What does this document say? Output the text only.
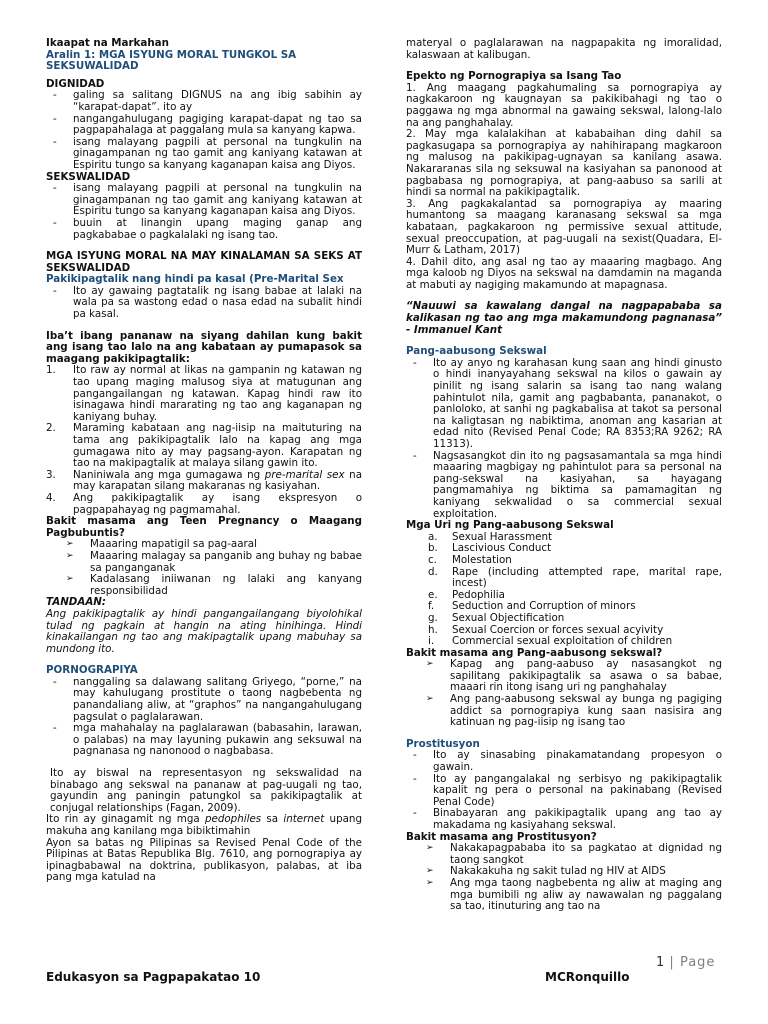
Ikaapat na Markahan

Aralin 1: MGA ISYUNG MORAL TUNGKOL SA SEKSUWALIDAD

DIGNIDAD

- galing sa salitang DIGNUS na ang ibig sabihin ay “karapat-dapat”. ito ay
- nangangahulugang pagiging karapat-dapat ng tao sa pagpapahalaga at paggalang mula sa kanyang kapwa.
- isang malayang pagpili at personal na tungkulin na ginagampanan ng tao gamit ang kaniyang katawan at Espiritu tungo sa kanyang kaganapan kaisa ang Diyos.

SEKSWALIDAD

- isang malayang pagpili at personal na tungkulin na ginagampanan ng tao gamit ang kaniyang katawan at Espiritu tungo sa kanyang kaganapan kaisa ang Diyos.
- buuin at linangin upang maging ganap ang pagkababae o pagkalalaki ng isang tao.

MGA ISYUNG MORAL NA MAY KINALAMAN SA SEKS AT SEKSWALIDAD

Pakikipagtalik nang hindi pa kasal (Pre-Marital Sex

- Ito ay gawaing pagtatalik ng isang babae at lalaki na wala pa sa wastong edad o nasa edad na subalit hindi pa kasal.

Iba’t ibang pananaw na siyang dahilan kung bakit ang isang tao lalo na ang kabataan ay pumapasok sa maagang pakikipagtalik:

1. Ito raw ay normal at likas na gampanin ng katawan ng tao upang maging malusog siya at matugunan ang pangangailangan ng katawan. Kapag hindi raw ito isinagawa hindi mararating ng tao ang kaganapan ng kaniyang buhay.
2. Maraming kabataan ang nag-iisip na maituturing na tama ang pakikipagtalik lalo na kapag ang mga gumagawa nito ay may pagsang-ayon. Karapatan ng tao na makipagtalik at malaya silang gawin ito.
3. Naniniwala ang mga gumagawa ng pre-marital sex na may karapatan silang makaranas ng kasiyahan.
4. Ang pakikipagtalik ay isang ekspresyon o pagpapahayag ng pagmamahal.

Bakit masama ang Teen Pregnancy o Maagang Pagbubuntis?

➢ Maaaring mapatigil sa pag-aaral
➢ Maaaring malagay sa panganib ang buhay ng babae sa panganganak
➢ Kadalasang iniiwanan ng lalaki ang kanyang responsibilidad

TANDAAN:

Ang pakikipagtalik ay hindi pangangailangang biyolohikal tulad ng pagkain at hangin na ating hinihinga. Hindi kinakailangan ng tao ang makipagtalik upang mabuhay sa mundong ito.

PORNOGRAPIYA

- nanggaling sa dalawang salitang Griyego, “porne,” na may kahulugang prostitute o taong nagbebenta ng panandaliang aliw, at “graphos” na nangangahulugang pagsulat o paglalarawan.
- mga mahahalay na paglalarawan (babasahin, larawan, o palabas) na may layuning pukawin ang seksuwal na pagnanasa ng nanonood o nagbabasa.

Ito ay biswal na representasyon ng sekswalidad na binabago ang sekswal na pananaw at pag-uugali ng tao, gayundin ang paningin patungkol sa pakikipagtalik at conjugal relationships (Fagan, 2009).

Ito rin ay ginagamit ng mga pedophiles sa internet upang makuha ang kanilang mga bibiktimahin

Ayon sa batas ng Pilipinas sa Revised Penal Code of the Pilipinas at Batas Republika Blg. 7610, ang pornograpiya ay ipinagbabawal na doktrina, publikasyon, palabas, at iba pang mga katulad na

materyal o paglalarawan na nagpapakita ng imoralidad, kalaswaan at kalibugan.

Epekto ng Pornograpiya sa Isang Tao

1. Ang maagang pagkahumaling sa pornograpiya ay nagkakaroon ng kaugnayan sa pakikibahagi ng tao o paggawa ng mga abnormal na gawaing sekswal, lalong-lalo na ang panghahalay.
2. May mga kalalakihan at kababaihan ding dahil sa pagkasugapa sa pornograpiya ay nahihirapang magkaroon ng malusog na pakikipag-ugnayan sa kanilang asawa. Nakararanas sila ng seksuwal na kasiyahan sa panonood at pagbabasa ng pornograpiya, at pang-aabuso sa sarili at hindi sa normal na pakikipagtalik.
3. Ang pagkakalantad sa pornograpiya ay maaring humantong sa maagang karanasang sekswal sa mga kabataan, pagkakaroon ng permissive sexual attitude, sexual preoccupation, at pag-uugali na sexist(Quadara, El-Murr & Latham, 2017)
4. Dahil dito, ang asal ng tao ay maaaring magbago. Ang mga kaloob ng Diyos na sekswal na damdamin na maganda at mabuti ay nagiging makamundo at mapagnasa.

“Nauuwi sa kawalang dangal na nagpapababa sa kalikasan ng tao ang mga makamundong pagnanasa” - Immanuel Kant

Pang-aabusong Sekswal

- Ito ay anyo ng karahasan kung saan ang hindi ginusto o hindi inanyayahang sekswal na kilos o gawain ay pinilit ng isang salarin sa isang tao nang walang pahintulot nila, gamit ang pagbabanta, pananakot, o panloloko, at sanhi ng pagkabalisa at takot sa personal na kaligtasan ng nabiktima, anoman ang kasarian at edad nito (Revised Penal Code; RA 8353;RA 9262; RA 11313).
- Nagsasangkot din ito ng pagsasamantala sa mga hindi maaaring magbigay ng pahintulot para sa personal na pang-sekswal na kasiyahan, sa hayagang pangmamahiya ng biktima sa pamamagitan ng kaniyang sekwalidad o sa commercial sexual exploitation.

Mga Uri ng Pang-aabusong Sekswal

a. Sexual Harassment
b. Lascivious Conduct
c. Molestation
d. Rape (including attempted rape, marital rape, incest)
e. Pedophilia
f. Seduction and Corruption of minors
g. Sexual Objectification
h. Sexual Coercion or forces sexual acyivity
i. Commercial sexual exploitation of children

Bakit masama ang Pang-aabusong sekswal?

➢ Kapag ang pang-aabuso ay nasasangkot ng sapilitang pakikipagtalik sa asawa o sa babae, maaari rin itong isang uri ng panghahalay
➢ Ang pang-aabusong sekswal ay bunga ng pagiging addict sa pornograpiya kung saan nasisira ang katinuan ng pag-iisip ng isang tao

Prostitusyon

- Ito ay sinasabing pinakamatandang propesyon o gawain.
- Ito ay pangangalakal ng serbisyo ng pakikipagtalik kapalit ng pera o personal na pakinabang (Revised Penal Code)
- Binabayaran ang pakikipagtalik upang ang tao ay makadama ng kasiyahang sekswal.

Bakit masama ang Prostitusyon?

➢ Nakakapagpababa ito sa pagkatao at dignidad ng taong sangkot
➢ Nakakakuha ng sakit tulad ng HIV at AIDS
➢ Ang mga taong nagbebenta ng aliw at maging ang mga bumibili ng aliw ay nawawalan ng paggalang sa tao, itinuturing ang tao na
1 | Page
Edukasyon sa Pagpapakatao 10	MCRonquillo
